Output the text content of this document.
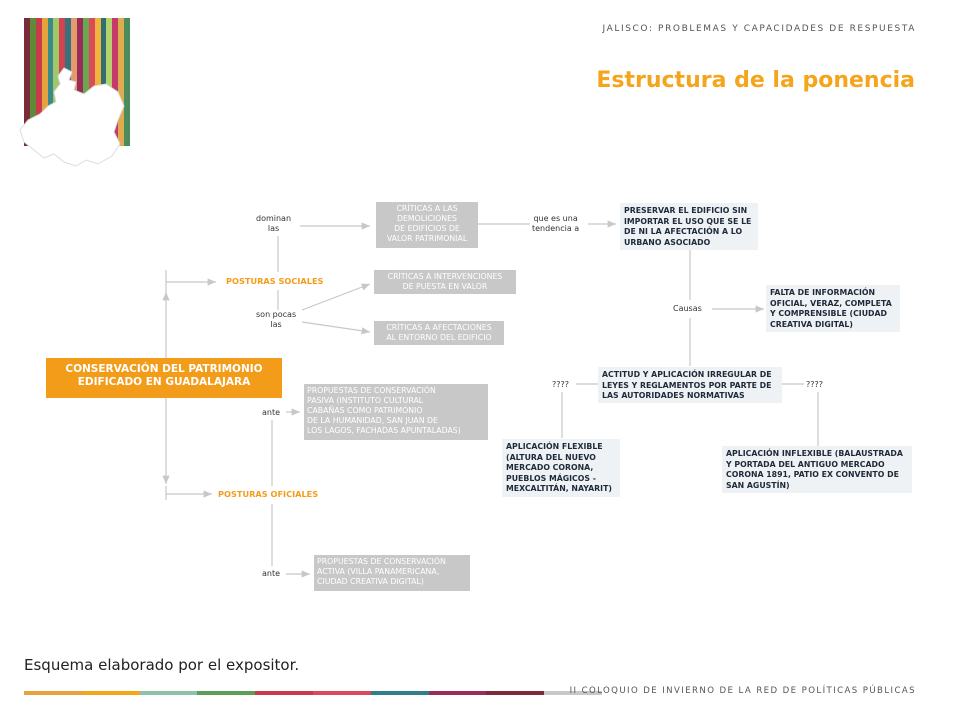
JALISCO: PROBLEMAS Y CAPACIDADES DE RESPUESTA
Estructura de la ponencia
CONSERVACIÓN DEL PATRIMONIO EDIFICADO EN GUADALAJARA
POSTURAS SOCIALES
POSTURAS OFICIALES
dominan
las
son pocas
las
ante
ante
que es una
tendencia a
Causas
????	????
CRÍTICAS A LAS
DEMOLICIONES
DE EDIFICIOS DE
VALOR PATRIMONIAL
CRÍTICAS A INTERVENCIONES
DE PUESTA EN VALOR
CRÍTICAS A AFECTACIONES
AL ENTORNO DEL EDIFICIO
PROPUESTAS DE CONSERVACIÓN
PASIVA (INSTITUTO CULTURAL
CABAÑAS COMO PATRIMONIO
DE LA HUMANIDAD, SAN JUAN DE
LOS LAGOS, FACHADAS APUNTALADAS)
PROPUESTAS DE CONSERVACIÓN
ACTIVA (VILLA PANAMERICANA,
CIUDAD CREATIVA DIGITAL)
PRESERVAR EL EDIFICIO SIN
IMPORTAR EL USO QUE SE LE
DE NI LA AFECTACIÓN A LO
URBANO ASOCIADO
FALTA DE INFORMACIÓN
OFICIAL, VERAZ, COMPLETA
Y COMPRENSIBLE (CIUDAD
CREATIVA DIGITAL)
ACTITUD Y APLICACIÓN IRREGULAR DE
LEYES Y REGLAMENTOS POR PARTE DE
LAS AUTORIDADES NORMATIVAS
APLICACIÓN FLEXIBLE
(ALTURA DEL NUEVO
MERCADO CORONA,
PUEBLOS MÁGICOS -
MEXCALTITÁN, NAYARIT)
APLICACIÓN INFLEXIBLE (BALAUSTRADA
Y PORTADA DEL ANTIGUO MERCADO
CORONA 1891, PATIO EX CONVENTO DE
SAN AGUSTÍN)
Esquema elaborado por el expositor.
II COLOQUIO DE INVIERNO DE LA RED DE POLÍTICAS PÚBLICAS
